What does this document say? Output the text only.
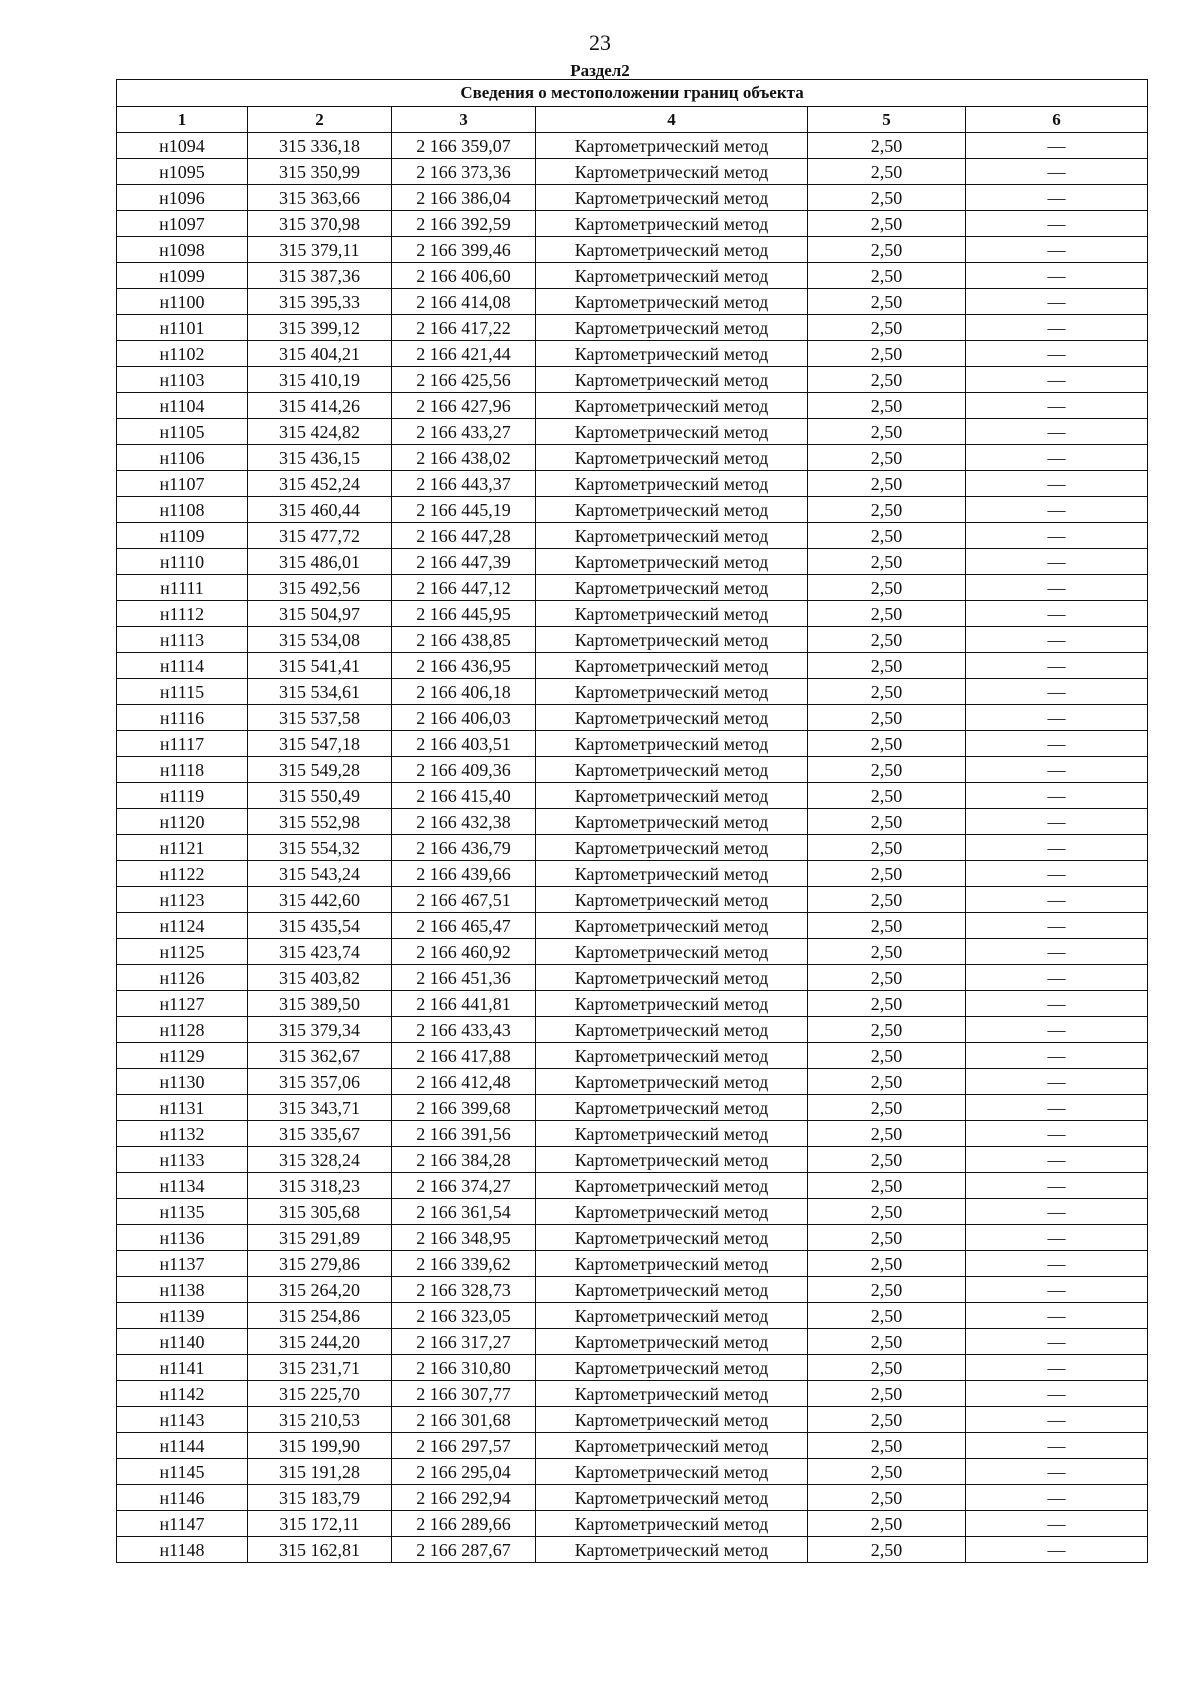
23
Раздел2
Сведения о местоположении границ объекта					
1	2	3	4	5	6
н1094	315 336,18	2 166 359,07	Картометрический метод	2,50	—
н1095	315 350,99	2 166 373,36	Картометрический метод	2,50	—
н1096	315 363,66	2 166 386,04	Картометрический метод	2,50	—
н1097	315 370,98	2 166 392,59	Картометрический метод	2,50	—
н1098	315 379,11	2 166 399,46	Картометрический метод	2,50	—
н1099	315 387,36	2 166 406,60	Картометрический метод	2,50	—
н1100	315 395,33	2 166 414,08	Картометрический метод	2,50	—
н1101	315 399,12	2 166 417,22	Картометрический метод	2,50	—
н1102	315 404,21	2 166 421,44	Картометрический метод	2,50	—
н1103	315 410,19	2 166 425,56	Картометрический метод	2,50	—
н1104	315 414,26	2 166 427,96	Картометрический метод	2,50	—
н1105	315 424,82	2 166 433,27	Картометрический метод	2,50	—
н1106	315 436,15	2 166 438,02	Картометрический метод	2,50	—
н1107	315 452,24	2 166 443,37	Картометрический метод	2,50	—
н1108	315 460,44	2 166 445,19	Картометрический метод	2,50	—
н1109	315 477,72	2 166 447,28	Картометрический метод	2,50	—
н1110	315 486,01	2 166 447,39	Картометрический метод	2,50	—
н1111	315 492,56	2 166 447,12	Картометрический метод	2,50	—
н1112	315 504,97	2 166 445,95	Картометрический метод	2,50	—
н1113	315 534,08	2 166 438,85	Картометрический метод	2,50	—
н1114	315 541,41	2 166 436,95	Картометрический метод	2,50	—
н1115	315 534,61	2 166 406,18	Картометрический метод	2,50	—
н1116	315 537,58	2 166 406,03	Картометрический метод	2,50	—
н1117	315 547,18	2 166 403,51	Картометрический метод	2,50	—
н1118	315 549,28	2 166 409,36	Картометрический метод	2,50	—
н1119	315 550,49	2 166 415,40	Картометрический метод	2,50	—
н1120	315 552,98	2 166 432,38	Картометрический метод	2,50	—
н1121	315 554,32	2 166 436,79	Картометрический метод	2,50	—
н1122	315 543,24	2 166 439,66	Картометрический метод	2,50	—
н1123	315 442,60	2 166 467,51	Картометрический метод	2,50	—
н1124	315 435,54	2 166 465,47	Картометрический метод	2,50	—
н1125	315 423,74	2 166 460,92	Картометрический метод	2,50	—
н1126	315 403,82	2 166 451,36	Картометрический метод	2,50	—
н1127	315 389,50	2 166 441,81	Картометрический метод	2,50	—
н1128	315 379,34	2 166 433,43	Картометрический метод	2,50	—
н1129	315 362,67	2 166 417,88	Картометрический метод	2,50	—
н1130	315 357,06	2 166 412,48	Картометрический метод	2,50	—
н1131	315 343,71	2 166 399,68	Картометрический метод	2,50	—
н1132	315 335,67	2 166 391,56	Картометрический метод	2,50	—
н1133	315 328,24	2 166 384,28	Картометрический метод	2,50	—
н1134	315 318,23	2 166 374,27	Картометрический метод	2,50	—
н1135	315 305,68	2 166 361,54	Картометрический метод	2,50	—
н1136	315 291,89	2 166 348,95	Картометрический метод	2,50	—
н1137	315 279,86	2 166 339,62	Картометрический метод	2,50	—
н1138	315 264,20	2 166 328,73	Картометрический метод	2,50	—
н1139	315 254,86	2 166 323,05	Картометрический метод	2,50	—
н1140	315 244,20	2 166 317,27	Картометрический метод	2,50	—
н1141	315 231,71	2 166 310,80	Картометрический метод	2,50	—
н1142	315 225,70	2 166 307,77	Картометрический метод	2,50	—
н1143	315 210,53	2 166 301,68	Картометрический метод	2,50	—
н1144	315 199,90	2 166 297,57	Картометрический метод	2,50	—
н1145	315 191,28	2 166 295,04	Картометрический метод	2,50	—
н1146	315 183,79	2 166 292,94	Картометрический метод	2,50	—
н1147	315 172,11	2 166 289,66	Картометрический метод	2,50	—
н1148	315 162,81	2 166 287,67	Картометрический метод	2,50	—
